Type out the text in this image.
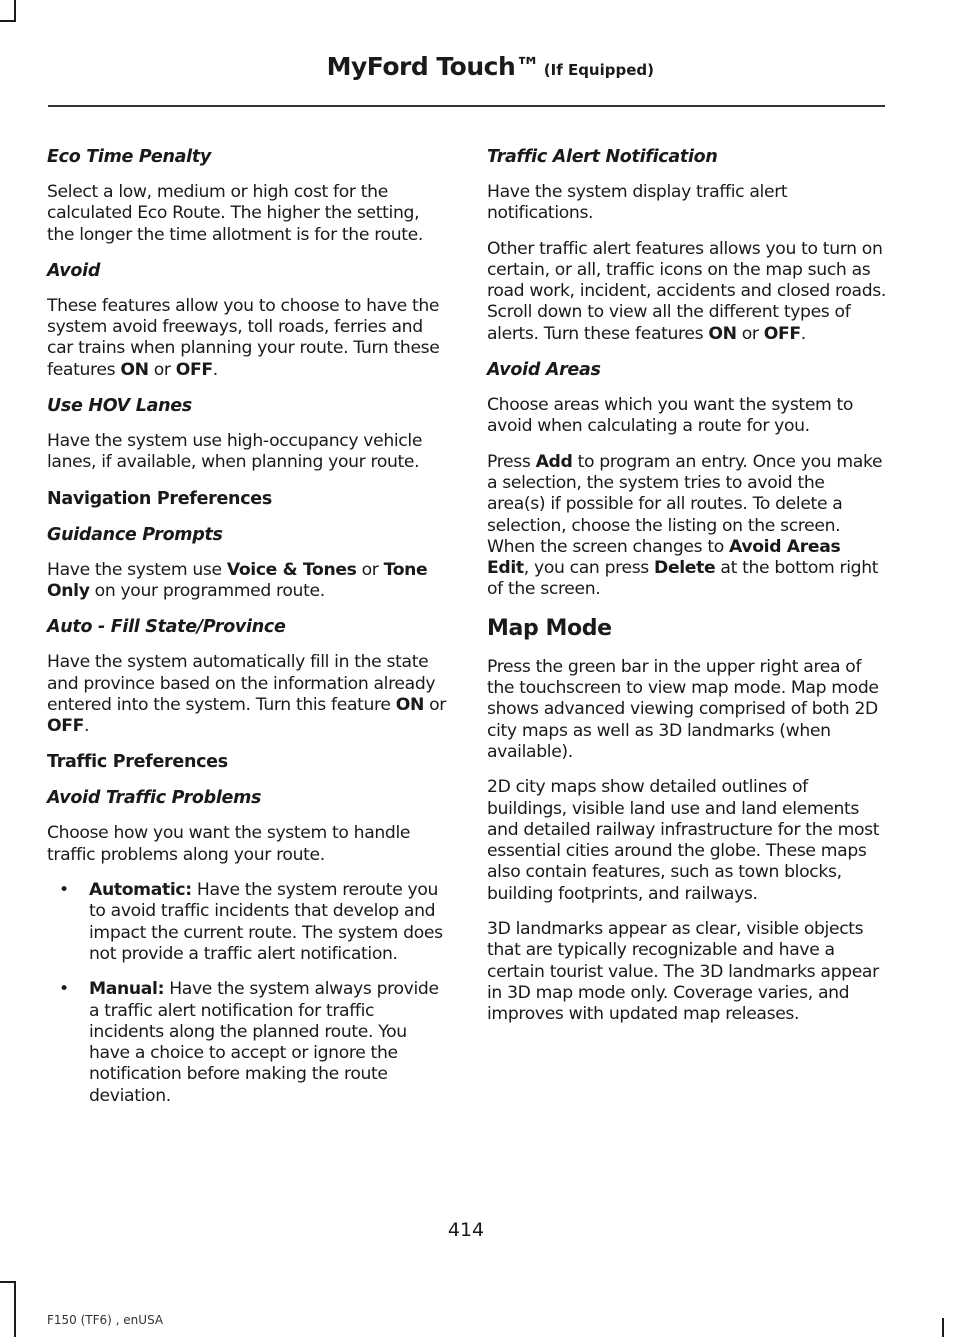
MyFord Touch™ (If Equipped)
Eco Time Penalty

Select a low, medium or high cost for the calculated Eco Route. The higher the setting, the longer the time allotment is for the route.

Avoid

These features allow you to choose to have the system avoid freeways, toll roads, ferries and car trains when planning your route. Turn these features ON or OFF.

Use HOV Lanes

Have the system use high-occupancy vehicle lanes, if available, when planning your route.

Navigation Preferences
Guidance Prompts

Have the system use Voice & Tones or Tone Only on your programmed route.

Auto - Fill State/Province

Have the system automatically fill in the state and province based on the information already entered into the system. Turn this feature ON or OFF.

Traffic Preferences
Avoid Traffic Problems

Choose how you want the system to handle traffic problems along your route.

• Automatic: Have the system reroute you to avoid traffic incidents that develop and impact the current route. The system does not provide a traffic alert notification.
• Manual: Have the system always provide a traffic alert notification for traffic incidents along the planned route. You have a choice to accept or ignore the notification before making the route deviation.
Traffic Alert Notification

Have the system display traffic alert notifications.

Other traffic alert features allows you to turn on certain, or all, traffic icons on the map such as road work, incident, accidents and closed roads. Scroll down to view all the different types of alerts. Turn these features ON or OFF.

Avoid Areas

Choose areas which you want the system to avoid when calculating a route for you.

Press Add to program an entry. Once you make a selection, the system tries to avoid the area(s) if possible for all routes. To delete a selection, choose the listing on the screen. When the screen changes to Avoid Areas Edit, you can press Delete at the bottom right of the screen.

Map Mode

Press the green bar in the upper right area of the touchscreen to view map mode. Map mode shows advanced viewing comprised of both 2D city maps as well as 3D landmarks (when available).

2D city maps show detailed outlines of buildings, visible land use and land elements and detailed railway infrastructure for the most essential cities around the globe. These maps also contain features, such as town blocks, building footprints, and railways.

3D landmarks appear as clear, visible objects that are typically recognizable and have a certain tourist value. The 3D landmarks appear in 3D map mode only. Coverage varies, and improves with updated map releases.

414
F150 (TF6) , enUSA
